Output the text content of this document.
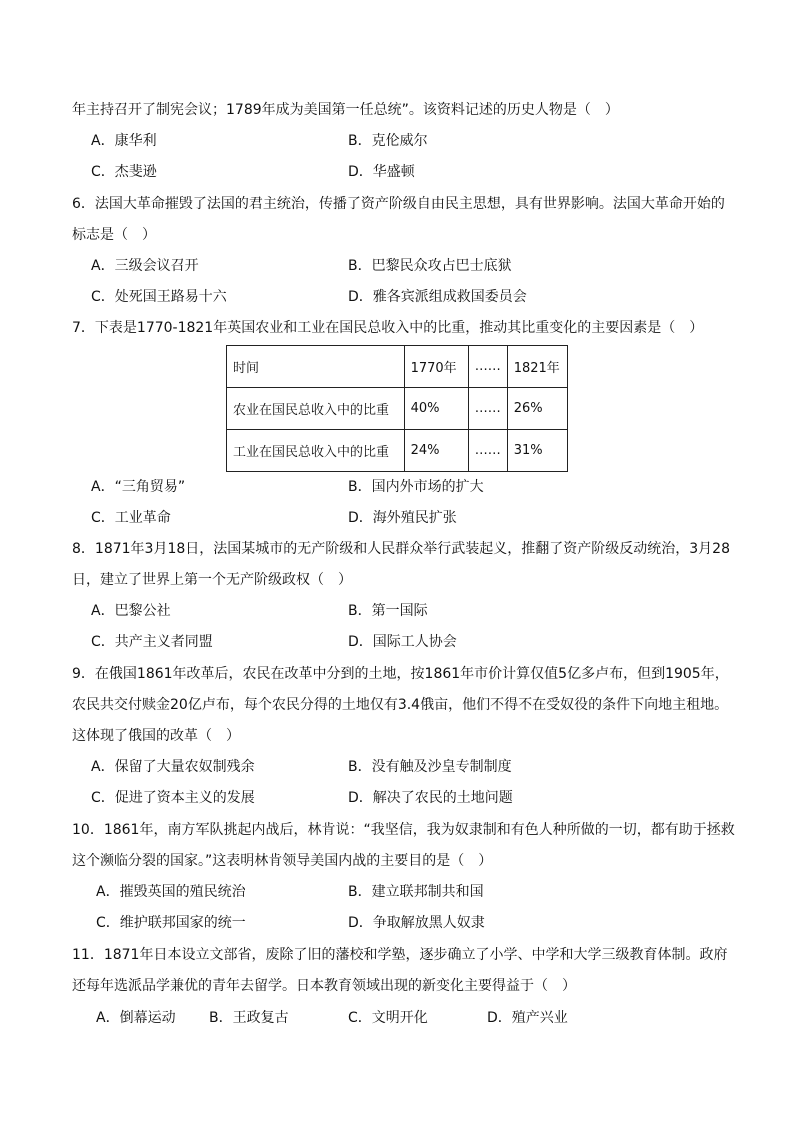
年主持召开了制宪会议；1789年成为美国第一任总统”。该资料记述的历史人物是（　）
A．康华利	B．克伦威尔
C．杰斐逊	D．华盛顿
6．法国大革命摧毁了法国的君主统治，传播了资产阶级自由民主思想，具有世界影响。法国大革命开始的
标志是（　）
A．三级会议召开	B．巴黎民众攻占巴士底狱
C．处死国王路易十六	D．雅各宾派组成救国委员会
7．下表是1770-1821年英国农业和工业在国民总收入中的比重，推动其比重变化的主要因素是（　）
时间	1770年	……	1821年
农业在国民总收入中的比重	40%	……	26%
工业在国民总收入中的比重	24%	……	31%
A．“三角贸易”	B．国内外市场的扩大
C．工业革命	D．海外殖民扩张
8．1871年3月18日，法国某城市的无产阶级和人民群众举行武装起义，推翻了资产阶级反动统治，3月28
日，建立了世界上第一个无产阶级政权（　）
A．巴黎公社	B．第一国际
C．共产主义者同盟	D．国际工人协会
9．在俄国1861年改革后，农民在改革中分到的土地，按1861年市价计算仅值5亿多卢布，但到1905年，
农民共交付赎金20亿卢布，每个农民分得的土地仅有3.4俄亩，他们不得不在受奴役的条件下向地主租地。
这体现了俄国的改革（　）
A．保留了大量农奴制残余	B．没有触及沙皇专制制度
C．促进了资本主义的发展	D．解决了农民的土地问题
10．1861年，南方军队挑起内战后，林肯说：“我坚信，我为奴隶制和有色人种所做的一切，都有助于拯救
这个濒临分裂的国家。”这表明林肯领导美国内战的主要目的是（　）
A．摧毁英国的殖民统治	B．建立联邦制共和国
C．维护联邦国家的统一	D．争取解放黑人奴隶
11．1871年日本设立文部省，废除了旧的藩校和学塾，逐步确立了小学、中学和大学三级教育体制。政府
还每年选派品学兼优的青年去留学。日本教育领域出现的新变化主要得益于（　）
A．倒幕运动 B．王政复古	C．文明开化	D．殖产兴业
